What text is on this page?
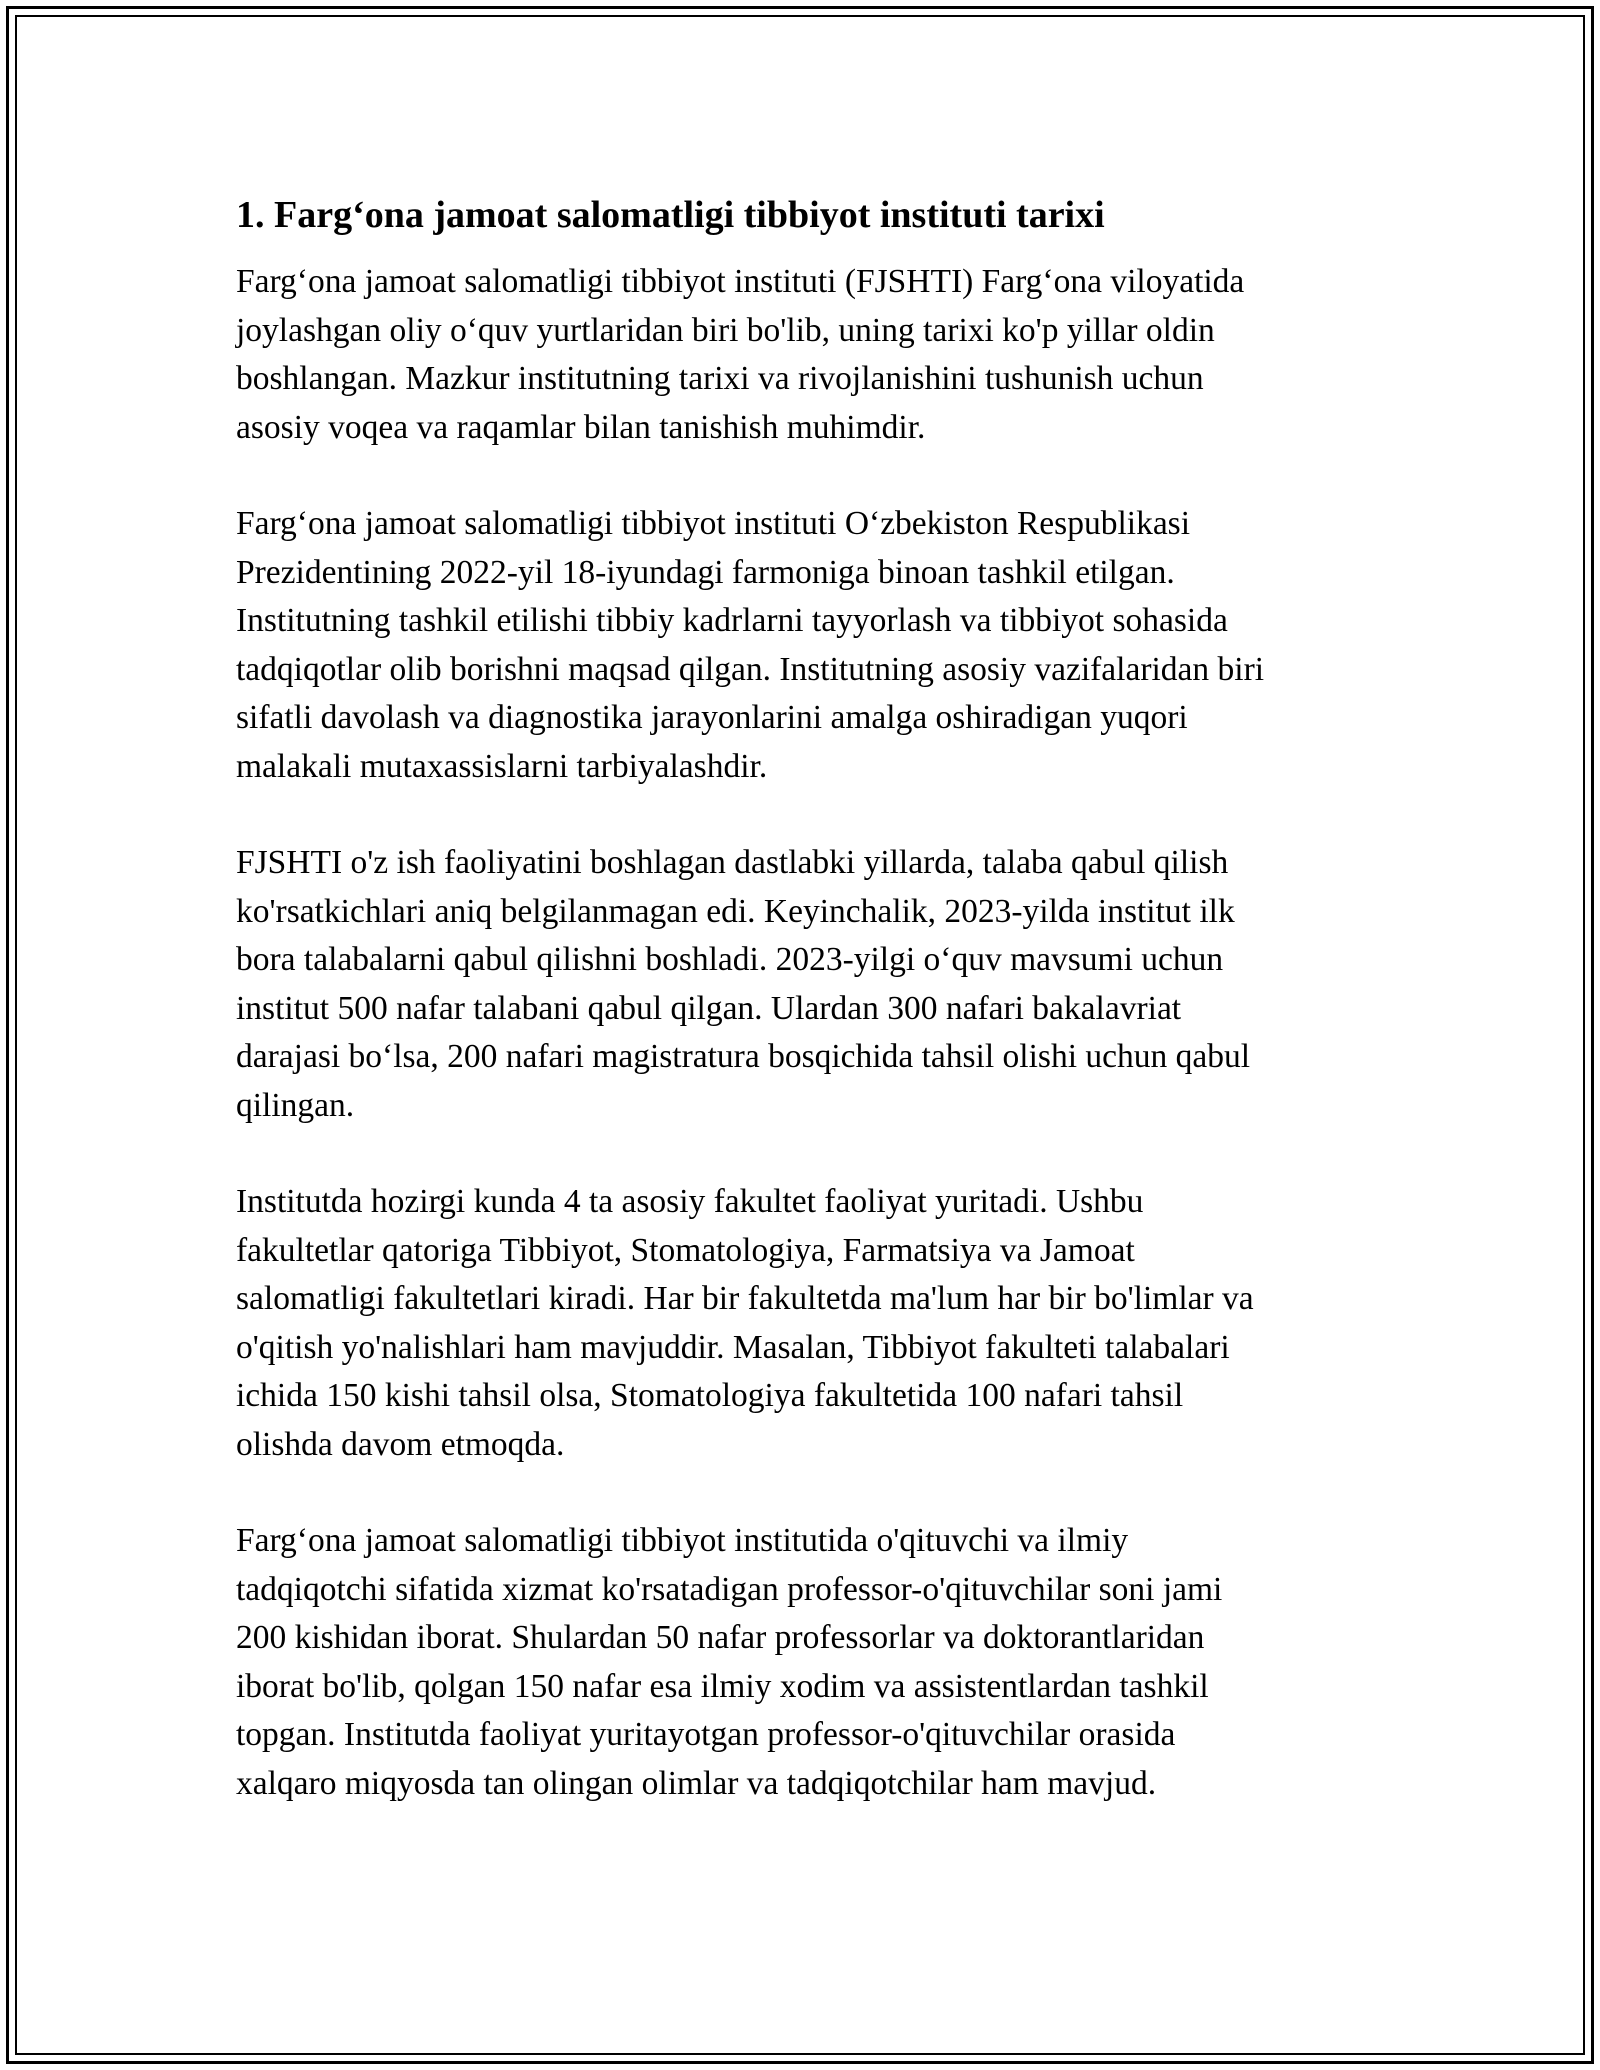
1. Farg‘ona jamoat salomatligi tibbiyot instituti tarixi

Farg‘ona jamoat salomatligi tibbiyot instituti (FJSHTI) Farg‘ona viloyatida
joylashgan oliy o‘quv yurtlaridan biri bo'lib, uning tarixi ko'p yillar oldin
boshlangan. Mazkur institutning tarixi va rivojlanishini tushunish uchun
asosiy voqea va raqamlar bilan tanishish muhimdir.

Farg‘ona jamoat salomatligi tibbiyot instituti O‘zbekiston Respublikasi
Prezidentining 2022-yil 18-iyundagi farmoniga binoan tashkil etilgan.
Institutning tashkil etilishi tibbiy kadrlarni tayyorlash va tibbiyot sohasida
tadqiqotlar olib borishni maqsad qilgan. Institutning asosiy vazifalaridan biri
sifatli davolash va diagnostika jarayonlarini amalga oshiradigan yuqori
malakali mutaxassislarni tarbiyalashdir.

FJSHTI o'z ish faoliyatini boshlagan dastlabki yillarda, talaba qabul qilish
ko'rsatkichlari aniq belgilanmagan edi. Keyinchalik, 2023-yilda institut ilk
bora talabalarni qabul qilishni boshladi. 2023-yilgi o‘quv mavsumi uchun
institut 500 nafar talabani qabul qilgan. Ulardan 300 nafari bakalavriat
darajasi bo‘lsa, 200 nafari magistratura bosqichida tahsil olishi uchun qabul
qilingan.

Institutda hozirgi kunda 4 ta asosiy fakultet faoliyat yuritadi. Ushbu
fakultetlar qatoriga Tibbiyot, Stomatologiya, Farmatsiya va Jamoat
salomatligi fakultetlari kiradi. Har bir fakultetda ma'lum har bir bo'limlar va
o'qitish yo'nalishlari ham mavjuddir. Masalan, Tibbiyot fakulteti talabalari
ichida 150 kishi tahsil olsa, Stomatologiya fakultetida 100 nafari tahsil
olishda davom etmoqda.

Farg‘ona jamoat salomatligi tibbiyot institutida o'qituvchi va ilmiy
tadqiqotchi sifatida xizmat ko'rsatadigan professor-o'qituvchilar soni jami
200 kishidan iborat. Shulardan 50 nafar professorlar va doktorantlaridan
iborat bo'lib, qolgan 150 nafar esa ilmiy xodim va assistentlardan tashkil
topgan. Institutda faoliyat yuritayotgan professor-o'qituvchilar orasida
xalqaro miqyosda tan olingan olimlar va tadqiqotchilar ham mavjud.
